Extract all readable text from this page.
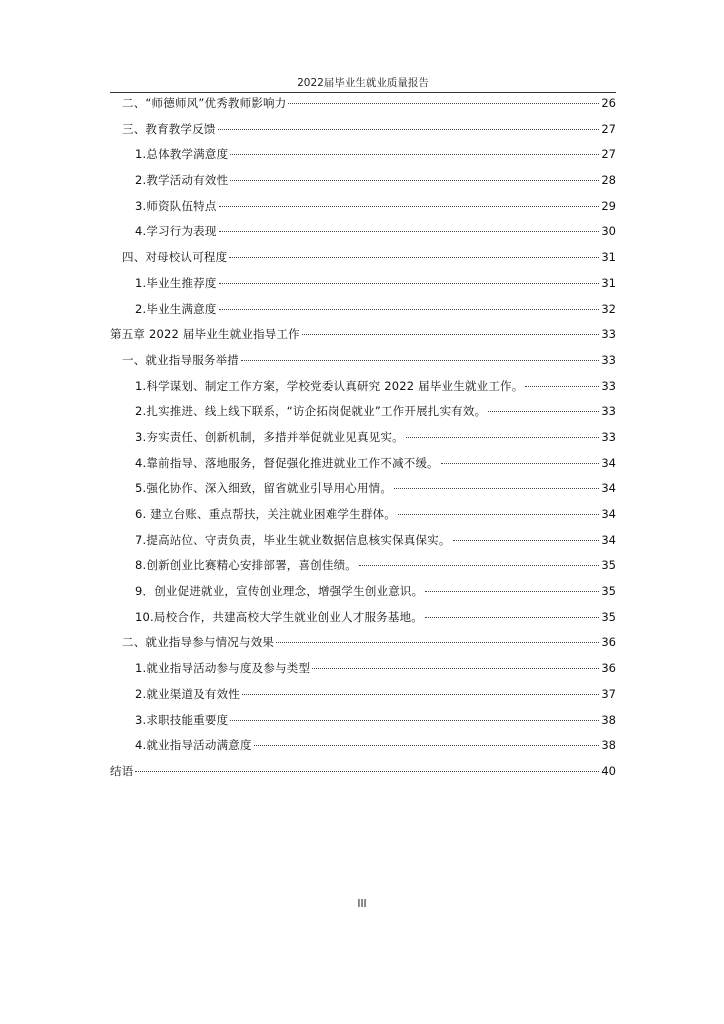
2022届毕业生就业质量报告
二、“师德师风”优秀教师影响力	26
三、教育教学反馈	27
1.总体教学满意度	27
2.教学活动有效性	28
3.师资队伍特点	29
4.学习行为表现	30
四、对母校认可程度	31
1.毕业生推荐度	31
2.毕业生满意度	32
第五章 2022 届毕业生就业指导工作	33
一、就业指导服务举措	33
1.科学谋划、制定工作方案，学校党委认真研究 2022 届毕业生就业工作。	33
2.扎实推进、线上线下联系，“访企拓岗促就业”工作开展扎实有效。	33
3.夯实责任、创新机制，多措并举促就业见真见实。	33
4.靠前指导、落地服务，督促强化推进就业工作不减不缓。	34
5.强化协作、深入细致，留省就业引导用心用情。	34
6. 建立台账、重点帮扶，关注就业困难学生群体。	34
7.提高站位、守责负责，毕业生就业数据信息核实保真保实。	34
8.创新创业比赛精心安排部署，喜创佳绩。	35
9．创业促进就业，宣传创业理念，增强学生创业意识。	35
10.局校合作，共建高校大学生就业创业人才服务基地。	35
二、就业指导参与情况与效果	36
1.就业指导活动参与度及参与类型	36
2.就业渠道及有效性	37
3.求职技能重要度	38
4.就业指导活动满意度	38
结语	40
III
